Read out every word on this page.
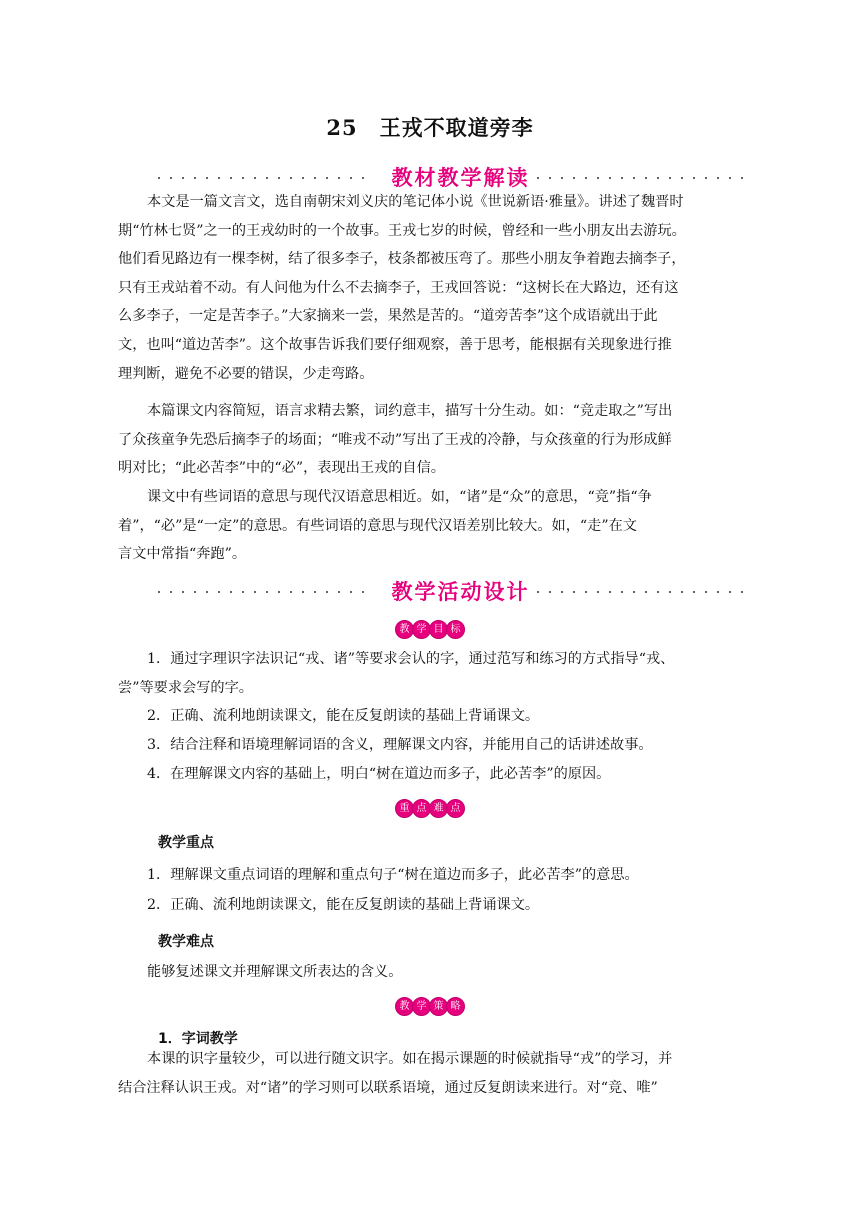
25 王戎不取道旁李
教材教学解读
本文是一篇文言文，选自南朝宋刘义庆的笔记体小说《世说新语·雅量》。讲述了魏晋时
期“竹林七贤”之一的王戎幼时的一个故事。王戎七岁的时候，曾经和一些小朋友出去游玩。
他们看见路边有一棵李树，结了很多李子，枝条都被压弯了。那些小朋友争着跑去摘李子，
只有王戎站着不动。有人问他为什么不去摘李子，王戎回答说：“这树长在大路边，还有这
么多李子，一定是苦李子。”大家摘来一尝，果然是苦的。“道旁苦李”这个成语就出于此
文，也叫“道边苦李”。这个故事告诉我们要仔细观察，善于思考，能根据有关现象进行推
理判断，避免不必要的错误，少走弯路。
本篇课文内容简短，语言求精去繁，词约意丰，描写十分生动。如：“竞走取之”写出
了众孩童争先恐后摘李子的场面；“唯戎不动”写出了王戎的冷静，与众孩童的行为形成鲜
明对比；“此必苦李”中的“必”，表现出王戎的自信。
课文中有些词语的意思与现代汉语意思相近。如，“诸”是“众”的意思，“竞”指“争
着”，“必”是“一定”的意思。有些词语的意思与现代汉语差别比较大。如，“走”在文
言文中常指“奔跑”。
教学活动设计
教 学 目 标
1．通过字理识字法识记“戎、诸”等要求会认的字，通过范写和练习的方式指导“戎、
尝”等要求会写的字。
2．正确、流利地朗读课文，能在反复朗读的基础上背诵课文。
3．结合注释和语境理解词语的含义，理解课文内容，并能用自己的话讲述故事。
4．在理解课文内容的基础上，明白“树在道边而多子，此必苦李”的原因。
重 点 难 点
教学重点
1．理解课文重点词语的理解和重点句子“树在道边而多子，此必苦李”的意思。
2．正确、流利地朗读课文，能在反复朗读的基础上背诵课文。
教学难点
能够复述课文并理解课文所表达的含义。
教 学 策 略
1．字词教学
本课的识字量较少，可以进行随文识字。如在揭示课题的时候就指导“戎”的学习，并
结合注释认识王戎。对“诸”的学习则可以联系语境，通过反复朗读来进行。对“竞、唯”
